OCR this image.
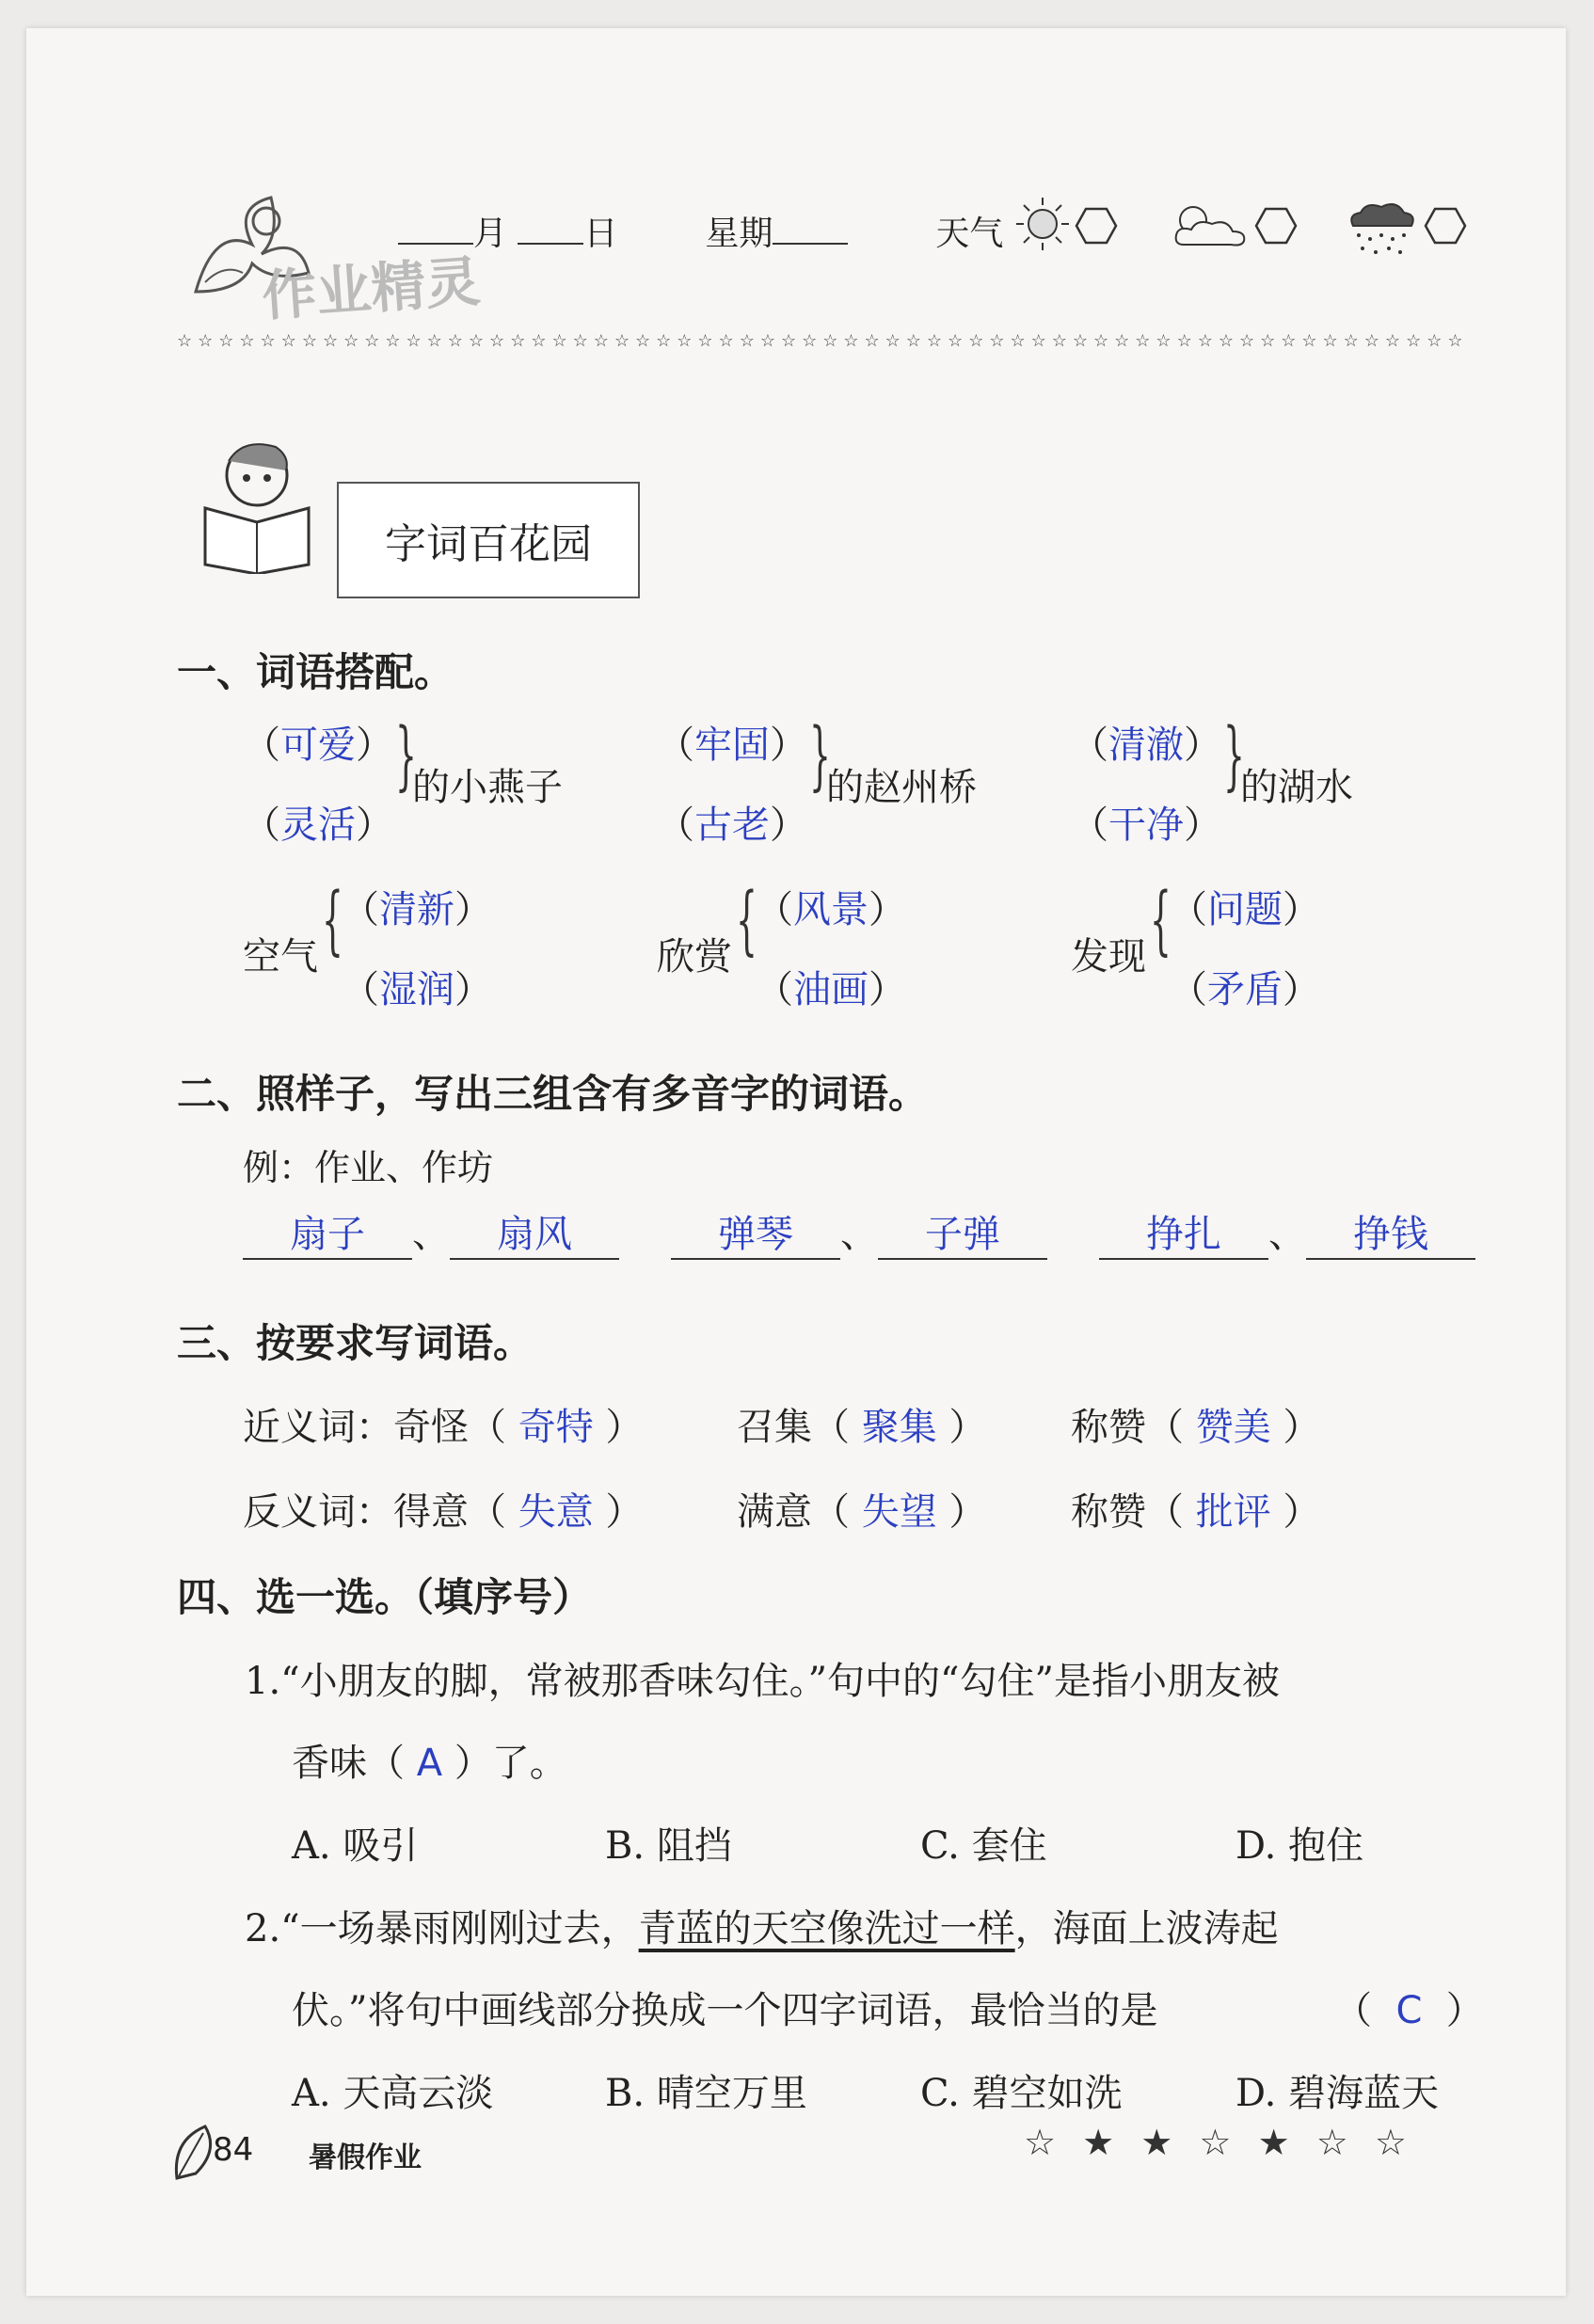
作业精灵
月 日	星期	天气
☆☆☆☆☆☆☆☆☆☆☆☆☆☆☆☆☆☆☆☆☆☆☆☆☆☆☆☆☆☆☆☆☆☆☆☆☆☆☆☆☆☆☆☆☆☆☆☆☆☆☆☆☆☆☆☆☆☆☆☆☆☆
字词百花园
一、词语搭配。
（可爱）
（灵活）
}
的小燕子
（牢固）
（古老）
}
的赵州桥
（清澈）
（干净）
}
的湖水
空气 {
（清新）
（湿润）
欣赏 {
（风景）
（油画）
发现 {
（问题）
（矛盾）
二、照样子，写出三组含有多音字的词语。
例：作业、作坊
扇子 、 扇风	弹琴 、 子弹	挣扎 、 挣钱
三、按要求写词语。
近义词：奇怪（ 奇特 ） 召集（ 聚集 ） 称赞（ 赞美 ）
反义词：得意（ 失意 ） 满意（ 失望 ） 称赞（ 批评 ）
四、选一选。（填序号）
1.“小朋友的脚，常被那香味勾住。”句中的“勾住”是指小朋友被
香味（ A ）了。
A. 吸引	B. 阻挡	C. 套住	D. 抱住
2.“一场暴雨刚刚过去，青蓝的天空像洗过一样，海面上波涛起
伏。”将句中画线部分换成一个四字词语，最恰当的是	（  C  ）
A. 天高云淡	B. 晴空万里	C. 碧空如洗	D. 碧海蓝天
84 暑假作业	☆ ★ ★ ☆ ★ ☆ ☆
